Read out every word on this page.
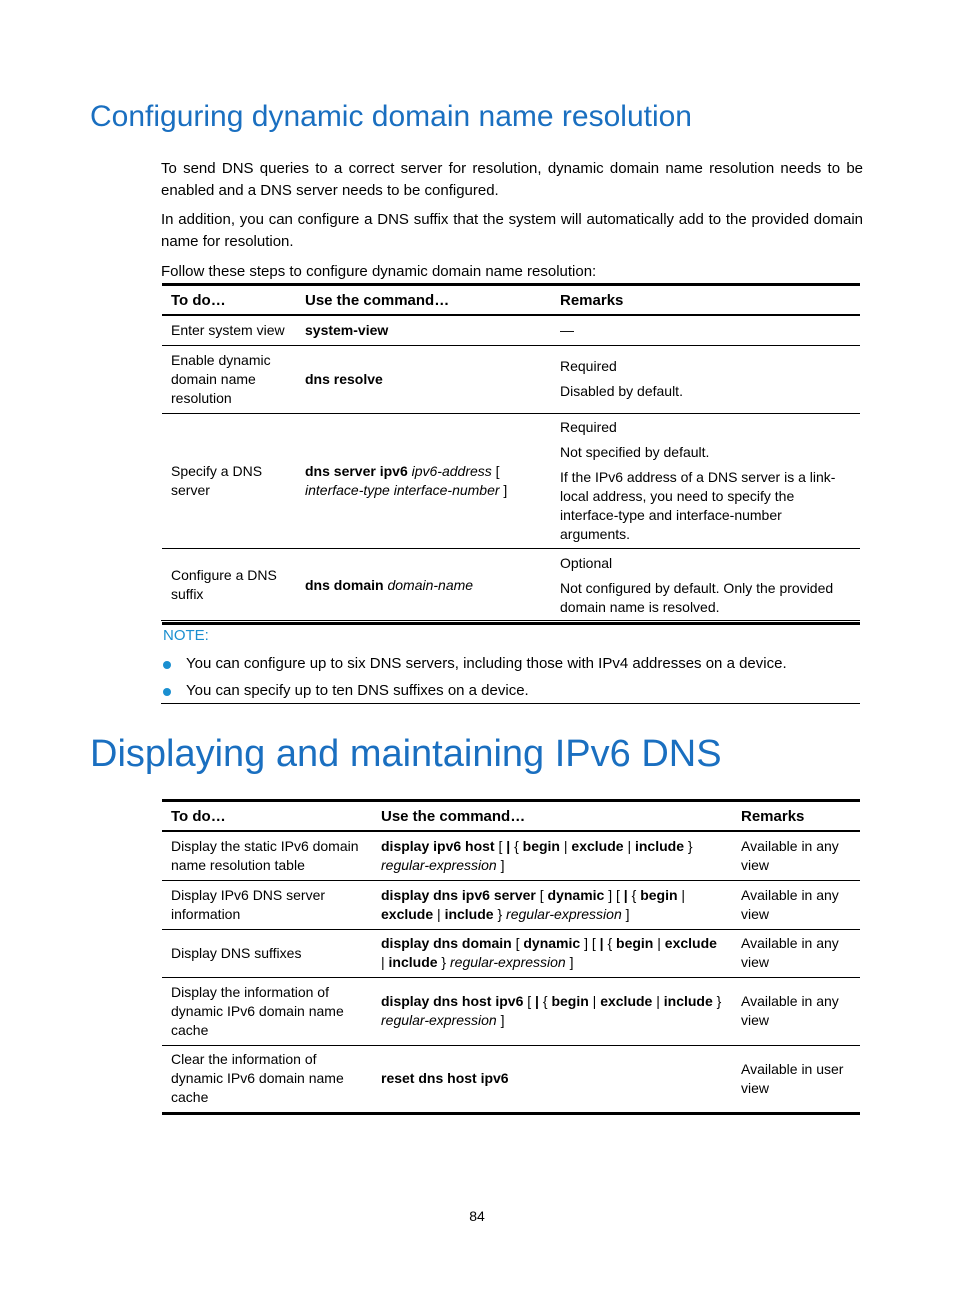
Configuring dynamic domain name resolution

To send DNS queries to a correct server for resolution, dynamic domain name resolution needs to be enabled and a DNS server needs to be configured.

In addition, you can configure a DNS suffix that the system will automatically add to the provided domain name for resolution.

Follow these steps to configure dynamic domain name resolution:

To do…	Use the command…	Remarks
Enter system view	system-view	—

Enable dynamic domain name resolution	dns resolve	Required
Disabled by default.

Specify a DNS server	dns server ipv6 ipv6-address [ interface-type interface-number ]	Required
Not specified by default.
If the IPv6 address of a DNS server is a link-local address, you need to specify the interface-type and interface-number arguments.

Configure a DNS suffix	dns domain domain-name	Optional
Not configured by default. Only the provided domain name is resolved.
NOTE:
You can configure up to six DNS servers, including those with IPv4 addresses on a device.
You can specify up to ten DNS suffixes on a device.
Displaying and maintaining IPv6 DNS
To do…	Use the command…	Remarks
Display the static IPv6 domain name resolution table	display ipv6 host [ | { begin | exclude | include } regular-expression ]	Available in any view

Display IPv6 DNS server information	display dns ipv6 server [ dynamic ] [ | { begin | exclude | include } regular-expression ]	Available in any view

Display DNS suffixes	display dns domain [ dynamic ] [ | { begin | exclude | include } regular-expression ]	Available in any view

Display the information of dynamic IPv6 domain name cache	display dns host ipv6 [ | { begin | exclude | include } regular-expression ]	Available in any view

Clear the information of dynamic IPv6 domain name cache	reset dns host ipv6	Available in user view
84
